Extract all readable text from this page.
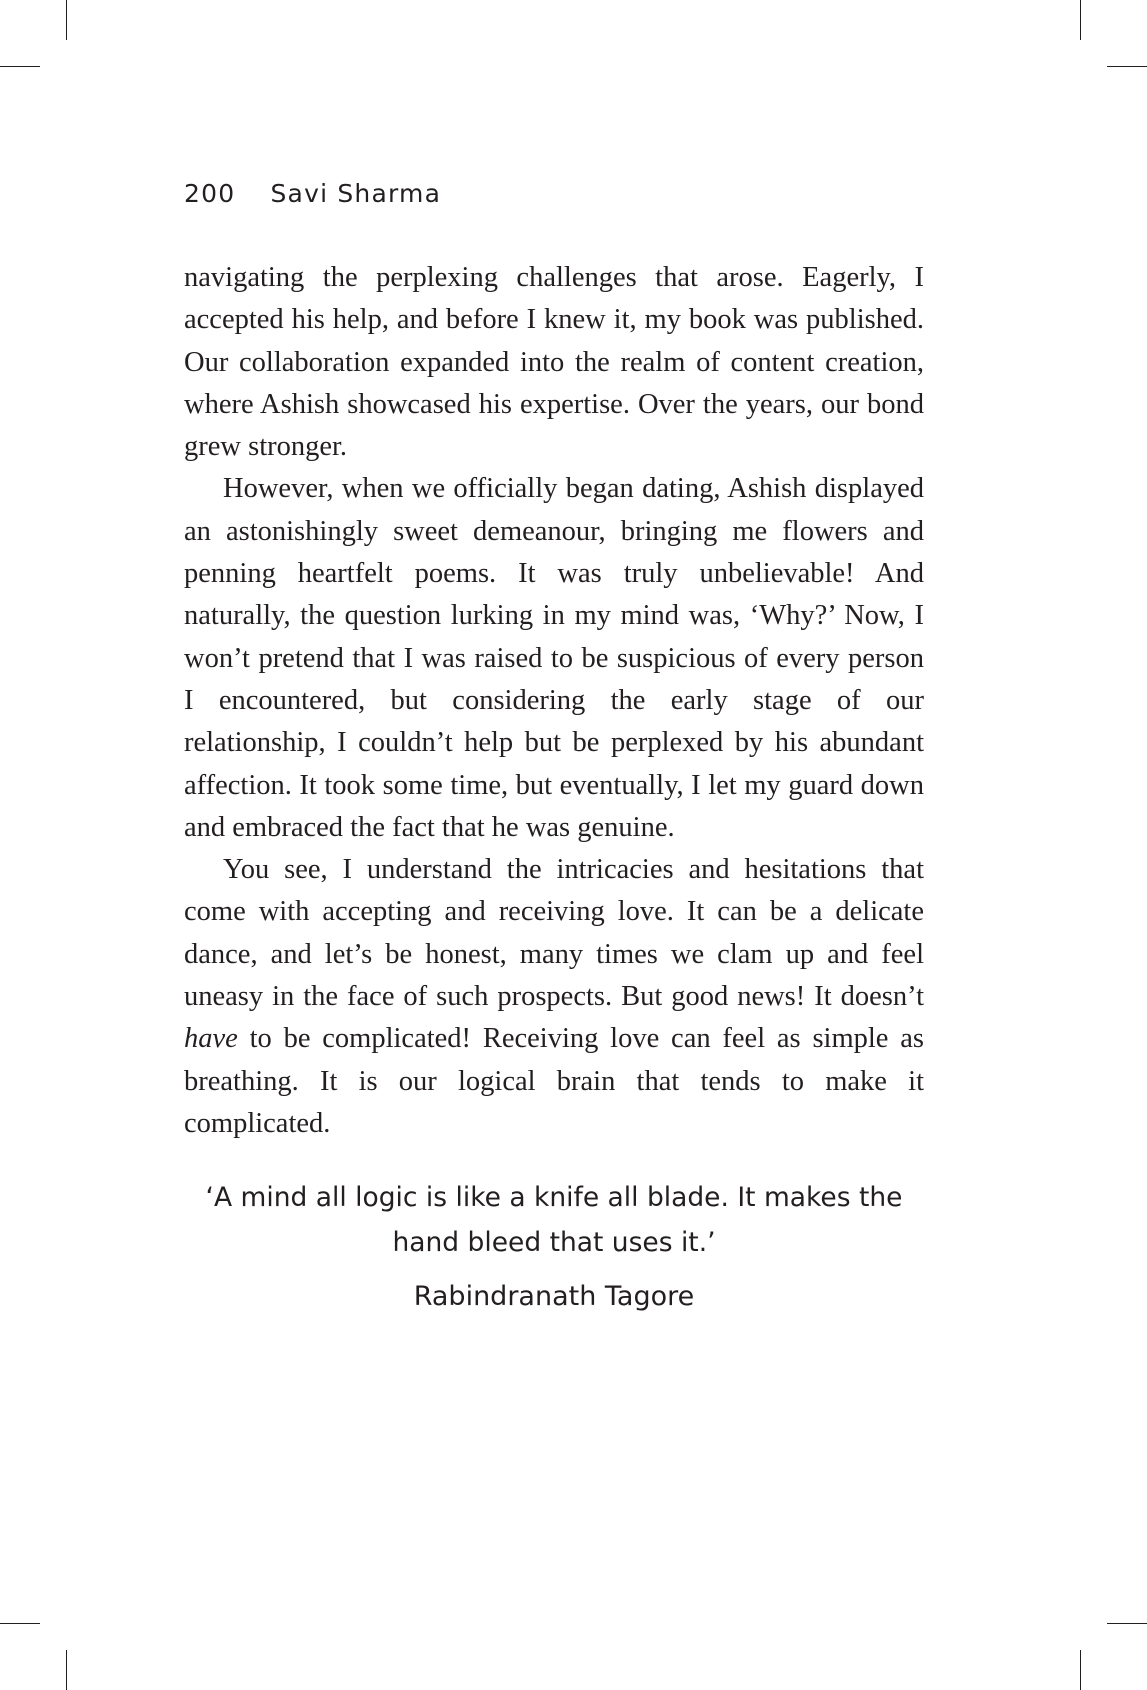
200 Savi Sharma

navigating the perplexing challenges that arose. Eagerly, I accepted his help, and before I knew it, my book was published. Our collaboration expanded into the realm of content creation, where Ashish showcased his expertise. Over the years, our bond grew stronger.

However, when we officially began dating, Ashish displayed an astonishingly sweet demeanour, bringing me flowers and penning heartfelt poems. It was truly unbelievable! And naturally, the question lurking in my mind was, ‘Why?’ Now, I won’t pretend that I was raised to be suspicious of every person I encountered, but considering the early stage of our relationship, I couldn’t help but be perplexed by his abundant affection. It took some time, but eventually, I let my guard down and embraced the fact that he was genuine.

You see, I understand the intricacies and hesitations that come with accepting and receiving love. It can be a delicate dance, and let’s be honest, many times we clam up and feel uneasy in the face of such prospects. But good news! It doesn’t have to be complicated! Receiving love can feel as simple as breathing. It is our logical brain that tends to make it complicated.

‘A mind all logic is like a knife all blade. It makes the hand bleed that uses it.’
Rabindranath Tagore
